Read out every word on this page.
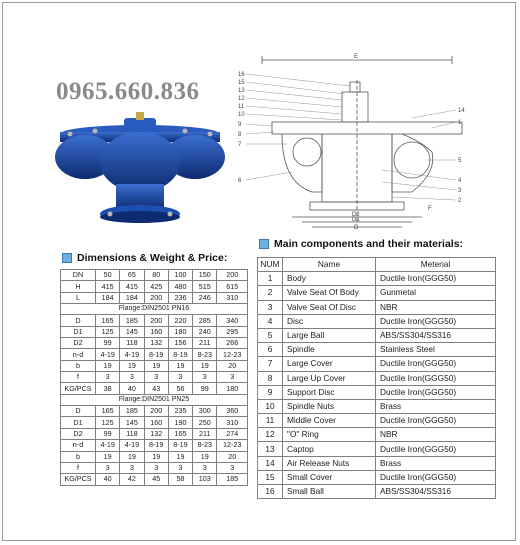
0965.660.836
E
16
15
13
12
11
10
9
8
7
6
14
1
5
4
3
2
F
D2
D1
D
Dimensions & Weight & Price:
DN	50	65	80	100	150	200
H	415	415	425	480	515	615
L	184	184	200	236	246	310
Flange:DIN2501 PN16						
D	165	185	200	220	285	340
D1	125	145	160	180	240	295
D2	99	118	132	156	211	266
n-d	4-19	4-19	8-19	8-19	8-23	12-23
b	19	19	19	19	19	20
f	3	3	3	3	3	3
KG/PCS	38	40	43	56	99	180
Flange:DIN2501 PN25						
D	165	185	200	235	300	360
D1	125	145	160	190	250	310
D2	99	118	132	165	211	274
n-d	4-19	4-19	8-19	8-19	8-23	12-23
b	19	19	19	19	19	20
f	3	3	3	3	3	3
KG/PCS	40	42	45	58	103	185
Main components and their materials:
NUM	Name	Meterial
1	Body	Ductile Iron(GGG50)
2	Valve Seat Of Body	Gunmetal
3	Valve Seat Of Disc	NBR
4	Disc	Ductile Iron(GGG50)
5	Large Ball	ABS/SS304/SS316
6	Spindle	Stainless Steel
7	Large Cover	Ductile Iron(GGG50)
8	Large Up Cover	Ductile Iron(GGG50)
9	Support Disc	Ductile Iron(GGG50)
10	Spindle Nuts	Brass
11	Middle Cover	Ductile Iron(GGG50)
12	"O" Ring	NBR
13	Captop	Ductile Iron(GGG50)
14	Air Release Nuts	Brass
15	Small Cover	Ductile Iron(GGG50)
16	Small Ball	ABS/SS304/SS316
